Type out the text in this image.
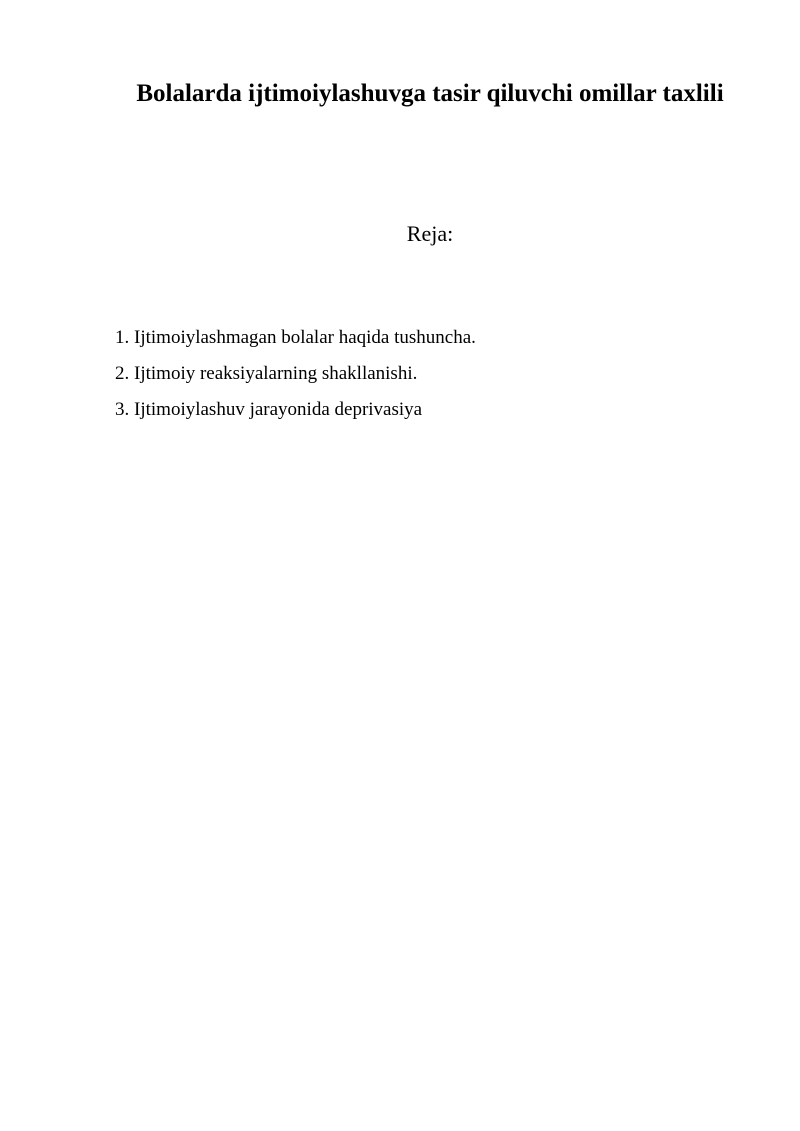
Bolalarda ijtimoiylashuvga tasir qiluvchi omillar taxlili
Reja:
1. Ijtimoiylashmagan bolalar haqida tushuncha.
2. Ijtimoiy reaksiyalarning shakllanishi.
3. Ijtimoiylashuv jarayonida deprivasiya
